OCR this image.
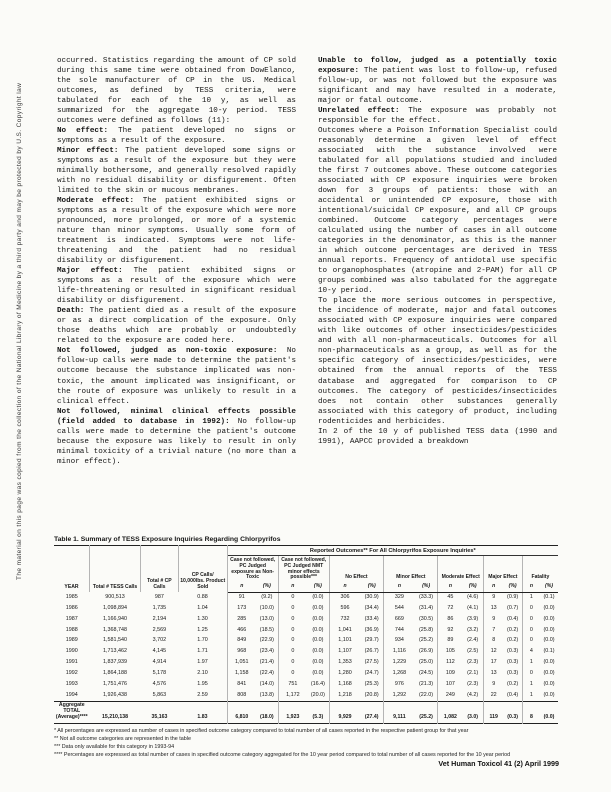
The material on this page was copied from the collection of the National Library of Medicine by a third party and may be protected by U.S. Copyright law

occurred. Statistics regarding the amount of CP sold during this same time were obtained from DowElanco, the sole manufacturer of CP in the US. Medical outcomes, as defined by TESS criteria, were tabulated for each of the 10 y, as well as summarized for the aggregate 10-y period. TESS outcomes were defined as follows (11):

No effect: The patient developed no signs or symptoms as a result of the exposure.

Minor effect: The patient developed some signs or symptoms as a result of the exposure but they were minimally bothersome, and generally resolved rapidly with no residual disability or disfigurement. Often limited to the skin or mucous membranes.

Moderate effect: The patient exhibited signs or symptoms as a result of the exposure which were more pronounced, more prolonged, or more of a systemic nature than minor symptoms. Usually some form of treatment is indicated. Symptoms were not life-threatening and the patient had no residual disability or disfigurement.

Major effect: The patient exhibited signs or symptoms as a result of the exposure which were life-threatening or resulted in significant residual disability or disfigurement.

Death: The patient died as a result of the exposure or as a direct complication of the exposure. Only those deaths which are probably or undoubtedly related to the exposure are coded here.

Not followed, judged as non-toxic exposure: No follow-up calls were made to determine the patient's outcome because the substance implicated was non-toxic, the amount implicated was insignificant, or the route of exposure was unlikely to result in a clinical effect.

Not followed, minimal clinical effects possible (field added to database in 1992): No follow-up calls were made to determine the patient's outcome because the exposure was likely to result in only minimal toxicity of a trivial nature (no more than a minor effect).

Unable to follow, judged as a potentially toxic exposure: The patient was lost to follow-up, refused follow-up, or was not followed but the exposure was significant and may have resulted in a moderate, major or fatal outcome.

Unrelated effect: The exposure was probably not responsible for the effect.

Outcomes where a Poison Information Specialist could reasonably determine a given level of effect associated with the substance involved were tabulated for all populations studied and included the first 7 outcomes above. These outcome categories associated with CP exposure inquiries were broken down for 3 groups of patients: those with an accidental or unintended CP exposure, those with intentional/suicidal CP exposure, and all CP groups combined. Outcome category percentages were calculated using the number of cases in all outcome categories in the denominator, as this is the manner in which outcome percentages are derived in TESS annual reports. Frequency of antidotal use specific to organophosphates (atropine and 2-PAM) for all CP groups combined was also tabulated for the aggregate 10-y period.

To place the more serious outcomes in perspective, the incidence of moderate, major and fatal outcomes associated with CP exposure inquiries were compared with like outcomes of other insecticides/pesticides and with all non-pharmaceuticals. Outcomes for all non-pharmaceuticals as a group, as well as for the specific category of insecticides/pesticides, were obtained from the annual reports of the TESS database and aggregated for comparison to CP outcomes. The category of pesticides/insecticides does not contain other substances generally associated with this category of product, including rodenticides and herbicides.

In 2 of the 10 y of published TESS data (1990 and 1991), AAPCC provided a breakdown

Table 1. Summary of TESS Exposure Inquiries Regarding Chlorpyrifos
YEAR	Total # TESS Calls	Total # CP Calls	CP Calls/ 10,000lbs. Product Sold	Reported Outcomes** For All Chlorpyrifos Exposure Inquiries*													
				Case not followed, PC Judged exposure as Non-Toxic		Case not followed, PC Judged NMT minor effects possible***		No Effect		Minor Effect		Moderate Effect		Major Effect		Fatality	
				n	(%)	n	(%)	n	(%)	n	(%)	n	(%)	n	(%)	n	(%)
1985	900,513	987	0.88	91	(9.2)	0	(0.0)	306	(30.9)	329	(33.3)	45	(4.6)	9	(0.9)	1	(0.1)
1986	1,098,894	1,735	1.04	173	(10.0)	0	(0.0)	596	(34.4)	544	(31.4)	72	(4.1)	13	(0.7)	0	(0.0)
1987	1,166,940	2,194	1.30	285	(13.0)	0	(0.0)	732	(33.4)	669	(30.5)	86	(3.9)	9	(0.4)	0	(0.0)
1988	1,368,748	2,569	1.25	466	(18.5)	0	(0.0)	1,041	(36.9)	744	(25.8)	92	(3.2)	7	(0.2)	0	(0.0)
1989	1,581,540	3,702	1.70	849	(22.9)	0	(0.0)	1,101	(29.7)	934	(25.2)	89	(2.4)	8	(0.2)	0	(0.0)
1990	1,713,462	4,145	1.71	968	(23.4)	0	(0.0)	1,107	(26.7)	1,116	(26.9)	105	(2.5)	12	(0.3)	4	(0.1)
1991	1,837,939	4,914	1.97	1,051	(21.4)	0	(0.0)	1,353	(27.5)	1,229	(25.0)	112	(2.3)	17	(0.3)	1	(0.0)
1992	1,864,188	5,178	2.10	1,158	(22.4)	0	(0.0)	1,280	(24.7)	1,268	(24.5)	109	(2.1)	13	(0.3)	0	(0.0)
1993	1,751,476	4,576	1.95	841	(14.0)	751	(16.4)	1,168	(25.3)	976	(21.3)	107	(2.3)	9	(0.2)	1	(0.0)
1994	1,926,438	5,863	2.59	808	(13.8)	1,172	(20.0)	1,218	(20.8)	1,292	(22.0)	249	(4.2)	22	(0.4)	1	(0.0)
Aggregate TOTAL (Average)****	15,210,138	35,163	1.83	6,810	(18.0)	1,923	(5.3)	9,929	(27.4)	9,111	(25.2)	1,082	(3.0)	119	(0.3)	8	(0.0)
* All percentages are expressed as number of cases in specified outcome category compared to total number of all cases reported in the respective patient group for that year
** Not all outcome categories are represented in the table
*** Data only available for this category in 1993-94
**** Percentages are expressed as total number of cases in specified outcome category aggregated for the 10 year period compared to total number of all cases reported for the 10 year period
Vet Human Toxicol 41 (2) April 1999
